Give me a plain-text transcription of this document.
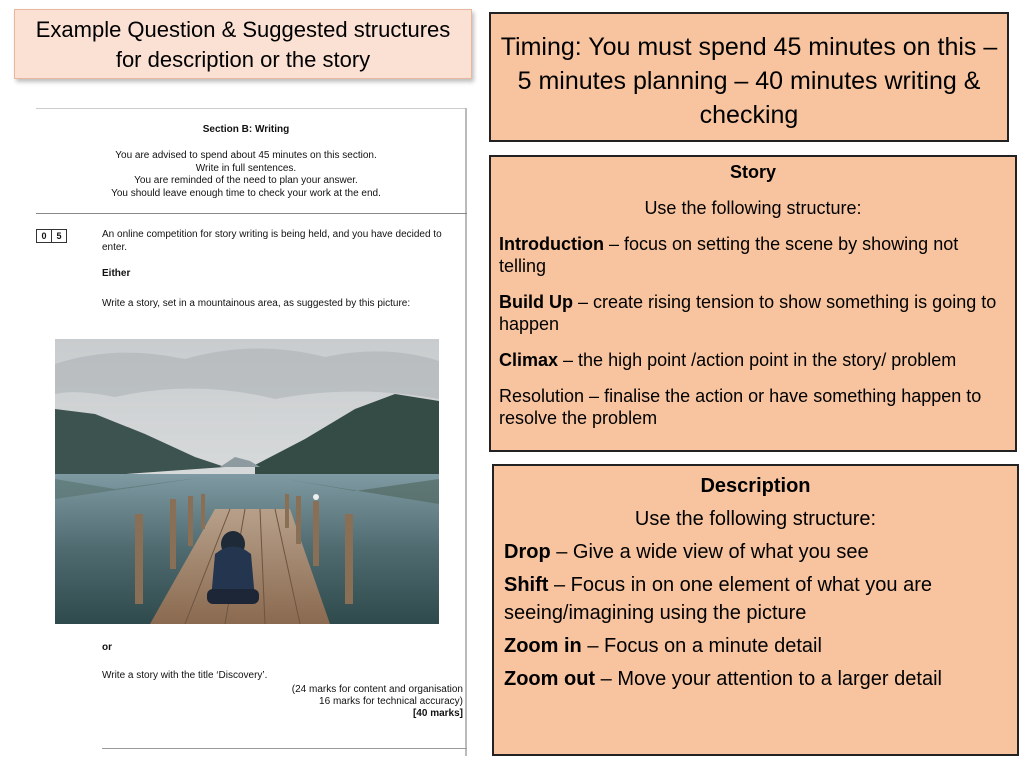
Example Question & Suggested structures
for description or the story	Timing: You must spend 45 minutes on this – 5 minutes planning – 40 minutes writing & checking

Story

Use the following structure:

Introduction – focus on setting the scene by showing not telling

Build Up – create rising tension to show something is going to happen

Climax – the high point /action point in the story/ problem

Resolution – finalise the action or have something happen to resolve the problem

Description

Use the following structure:

Drop – Give a wide view of what you see

Shift – Focus in on one element of what you are seeing/imagining using the picture

Zoom in – Focus on a minute detail

Zoom out – Move your attention to a larger detail

Section B: Writing
You are advised to spend about 45 minutes on this section.
Write in full sentences.
You are reminded of the need to plan your answer.
You should leave enough time to check your work at the end.
0	5	An online competition for story writing is being held, and you have decided to enter.
Either
Write a story, set in a mountainous area, as suggested by this picture:
or
Write a story with the title ‘Discovery’.
(24 marks for content and organisation
16 marks for technical accuracy)
[40 marks]
